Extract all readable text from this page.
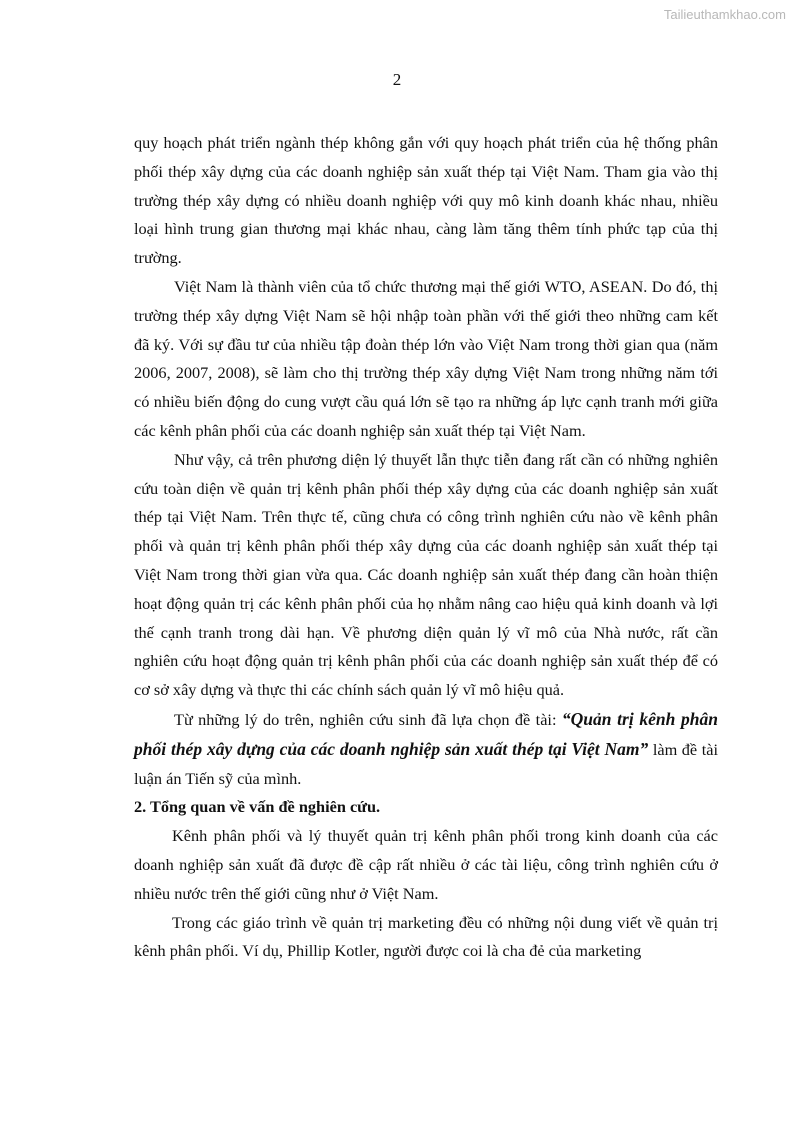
Tailieuthamkhao.com
2

quy hoạch phát triển ngành thép không gắn với quy hoạch phát triển của hệ thống phân phối thép xây dựng của các doanh nghiệp sản xuất thép tại Việt Nam. Tham gia vào thị trường thép xây dựng có nhiều doanh nghiệp với quy mô kinh doanh khác nhau, nhiều loại hình trung gian thương mại khác nhau, càng làm tăng thêm tính phức tạp của thị trường.

Việt Nam là thành viên của tổ chức thương mại thế giới WTO, ASEAN. Do đó, thị trường thép xây dựng Việt Nam sẽ hội nhập toàn phần với thế giới theo những cam kết đã ký. Với sự đầu tư của nhiều tập đoàn thép lớn vào Việt Nam trong thời gian qua (năm 2006, 2007, 2008), sẽ làm cho thị trường thép xây dựng Việt Nam trong những năm tới có nhiều biến động do cung vượt cầu quá lớn sẽ tạo ra những áp lực cạnh tranh mới giữa các kênh phân phối của các doanh nghiệp sản xuất thép tại Việt Nam.

Như vậy, cả trên phương diện lý thuyết lẫn thực tiễn đang rất cần có những nghiên cứu toàn diện về quản trị kênh phân phối thép xây dựng của các doanh nghiệp sản xuất thép tại Việt Nam. Trên thực tế, cũng chưa có công trình nghiên cứu nào về kênh phân phối và quản trị kênh phân phối thép xây dựng của các doanh nghiệp sản xuất thép tại Việt Nam trong thời gian vừa qua. Các doanh nghiệp sản xuất thép đang cần hoàn thiện hoạt động quản trị các kênh phân phối của họ nhằm nâng cao hiệu quả kinh doanh và lợi thế cạnh tranh trong dài hạn. Về phương diện quản lý vĩ mô của Nhà nước, rất cần nghiên cứu hoạt động quản trị kênh phân phối của các doanh nghiệp sản xuất thép để có cơ sở xây dựng và thực thi các chính sách quản lý vĩ mô hiệu quả.

Từ những lý do trên, nghiên cứu sinh đã lựa chọn đề tài: “Quản trị kênh phân phối thép xây dựng của các doanh nghiệp sản xuất thép tại Việt Nam” làm đề tài luận án Tiến sỹ của mình.

2. Tổng quan về vấn đề nghiên cứu.

Kênh phân phối và lý thuyết quản trị kênh phân phối trong kinh doanh của các doanh nghiệp sản xuất đã được đề cập rất nhiều ở các tài liệu, công trình nghiên cứu ở nhiều nước trên thế giới cũng như ở Việt Nam.

Trong các giáo trình về quản trị marketing đều có những nội dung viết về quản trị kênh phân phối. Ví dụ, Phillip Kotler, người được coi là cha đẻ của marketing
